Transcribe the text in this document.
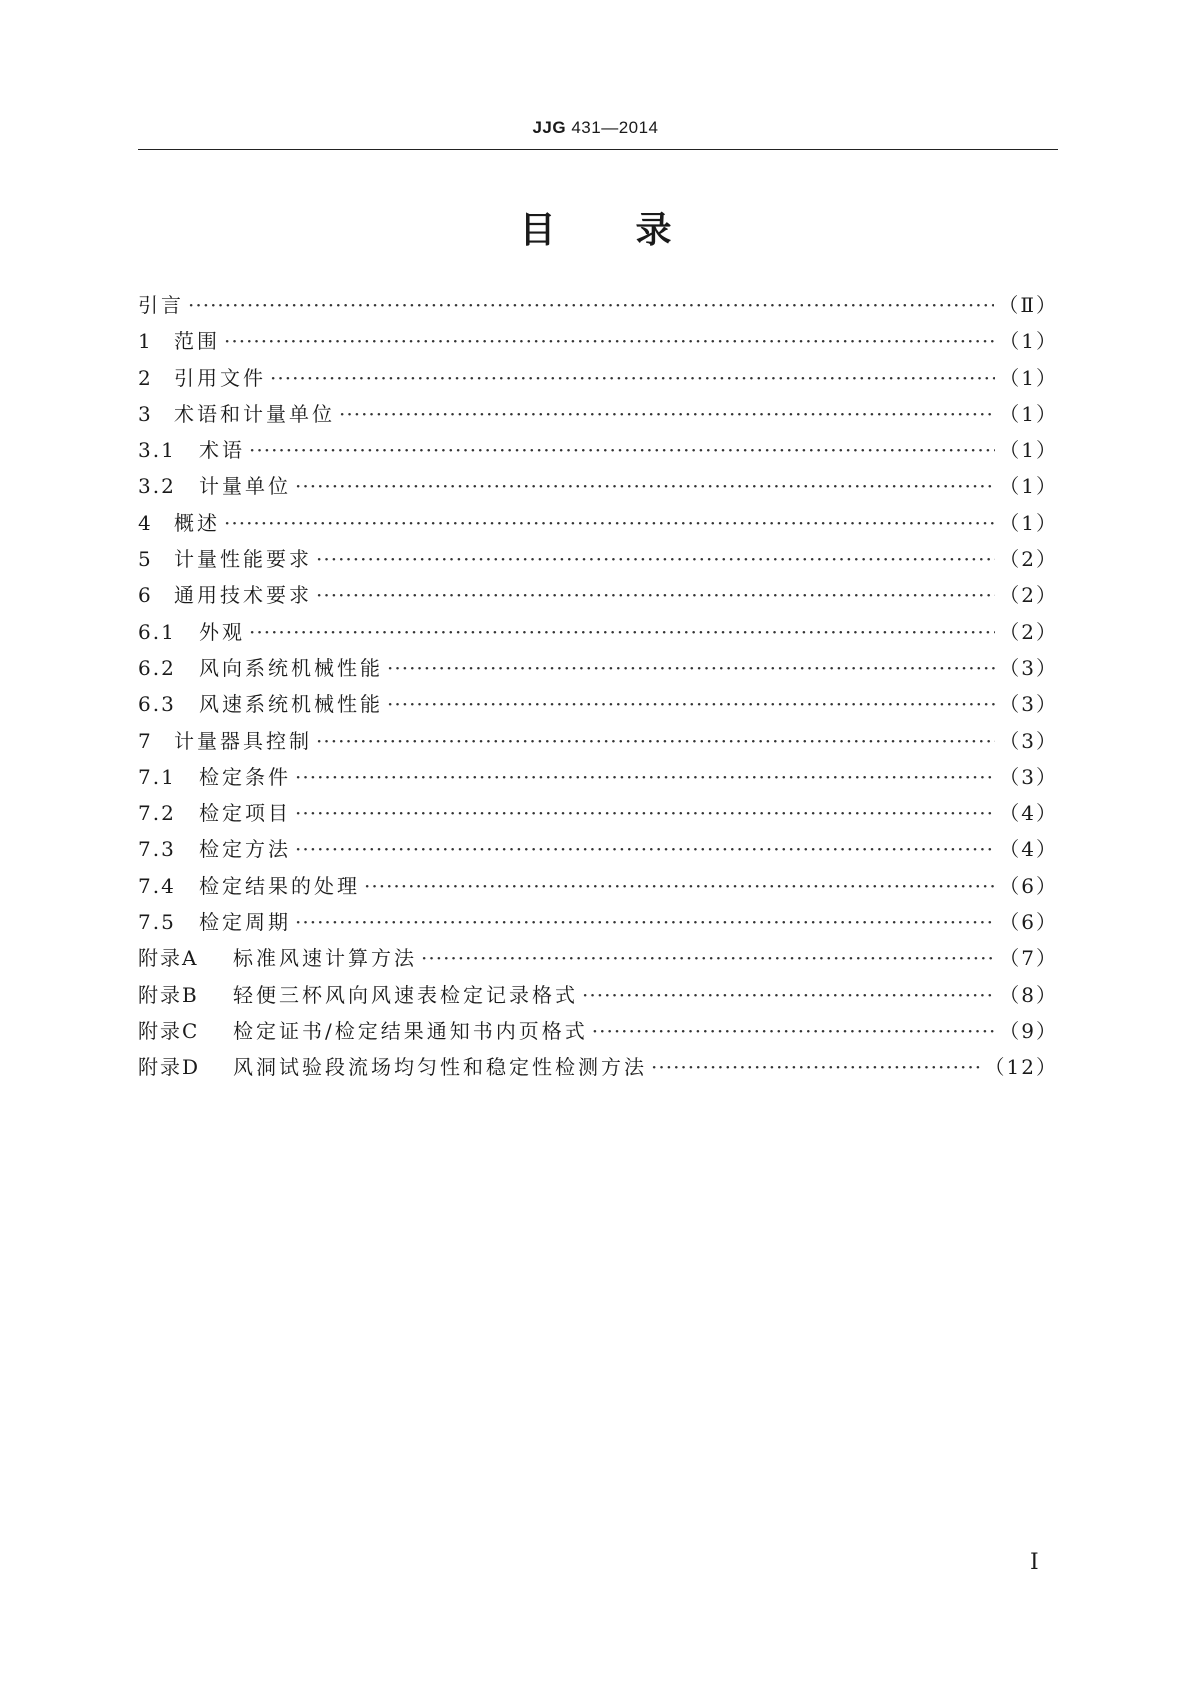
JJG 431—2014
目录
引言 ·····	（Ⅱ）
1	范围 ·····	（1）
2	引用文件 ·····	（1）
3	术语和计量单位 ·····	（1）
3.1	术语 ·····	（1）
3.2	计量单位 ·····	（1）
4	概述 ·····	（1）
5	计量性能要求 ·····	（2）
6	通用技术要求 ·····	（2）
6.1	外观 ·····	（2）
6.2	风向系统机械性能 ·····	（3）
6.3	风速系统机械性能 ·····	（3）
7	计量器具控制 ·····	（3）
7.1	检定条件 ·····	（3）
7.2	检定项目 ·····	（4）
7.3	检定方法 ·····	（4）
7.4	检定结果的处理 ·····	（6）
7.5	检定周期 ·····	（6）
附录A	标准风速计算方法 ·····	（7）
附录B	轻便三杯风向风速表检定记录格式 ·····	（8）
附录C	检定证书/检定结果通知书内页格式 ·····	（9）
附录D	风洞试验段流场均匀性和稳定性检测方法 ·····	（12）
Ⅰ
